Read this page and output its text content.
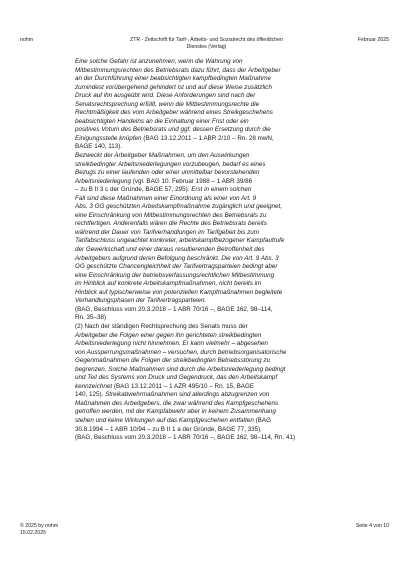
nohm	ZTR - Zeitschrift für Tarif-, Arbeits- und Sozialrecht des öffentlichen
Dienstes (Verlag)
Februar 2025
Eine solche Gefahr ist anzunehmen, wenn die Wahrung von
Mitbestimmungsrechten des Betriebsrats dazu führt, dass der Arbeitgeber
an der Durchführung einer beabsichtigten kampfbedingten Maßnahme
zumindest vorübergehend gehindert ist und auf diese Weise zusätzlich
Druck auf ihn ausgeübt wird. Diese Anforderungen sind nach der
Senatsrechtsprechung erfüllt, wenn die Mitbestimmungsrechte die
Rechtmäßigkeit des vom Arbeitgeber während eines Streikgeschehens
beabsichtigten Handelns an die Einhaltung einer Frist oder ein
positives Votum des Betriebsrats und ggf. dessen Ersetzung durch die
Einigungsstelle knüpfen (BAG 13.12.2011 – 1 ABR 2/10 – Rn. 28 mwN,
BAGE 140, 113).
Bezweckt der Arbeitgeber Maßnahmen, um den Auswirkungen
streikbedingter Arbeitsniederlegungen vorzubeugen, bedarf es eines
Bezugs zu einer laufenden oder einer unmittelbar bevorstehenden
Arbeitsniederlegung (vgl. BAG 10. Februar 1988 – 1 ABR 39/86
– zu B II 3 c der Gründe, BAGE 57, 295). Erst in einem solchen
Fall sind diese Maßnahmen einer Einordnung als einer von Art. 9
Abs. 3 GG geschützten Arbeitskampfmaßnahme zugänglich und geeignet,
eine Einschränkung von Mitbestimmungsrechten des Betriebsrats zu
rechtfertigen. Anderenfalls wären die Rechte des Betriebsrats bereits
während der Dauer von Tarifverhandlungen im Tarifgebiet bis zum
Tarifabschluss ungeachtet konkreter, arbeitskampfbezogener Kampfaufrufe
der Gewerkschaft und einer daraus resultierenden Betroffenheit des
Arbeitgebers aufgrund deren Befolgung beschränkt. Die von Art. 9 Abs. 3
GG geschützte Chancengleichheit der Tarifvertragsparteien bedingt aber
eine Einschränkung der betriebsverfassungsrechtlichen Mitbestimmung
im Hinblick auf konkrete Arbeitskampfmaßnahmen, nicht bereits im
Hinblick auf typischerweise von potenziellen Kampfmaßnahmen begleitete
Verhandlungsphasen der Tarifvertragsparteien.
(BAG, Beschluss vom 20.3.2018 – 1 ABR 70/16 –, BAGE 162, 98–114,
Rn. 35–38)
(2) Nach der ständigen Rechtsprechung des Senats muss der
Arbeitgeber die Folgen einer gegen ihn gerichteten streikbedingten
Arbeitsniederlegung nicht hinnehmen. Er kann vielmehr – abgesehen
von Aussperrungsmaßnahmen – versuchen, durch betriebsorganisatorische
Gegenmaßnahmen die Folgen der streikbedingten Betriebsstörung zu
begrenzen. Solche Maßnahmen sind durch die Arbeitsniederlegung bedingt
und Teil des Systems von Druck und Gegendruck, das den Arbeitskampf
kennzeichnet (BAG 13.12.2011 – 1 AZR 495/10 – Rn. 15, BAGE
140, 125). Streikabwehrmaßnahmen sind allerdings abzugrenzen von
Maßnahmen des Arbeitgebers, die zwar während des Kampfgeschehens
getroffen werden, mit der Kampfabwehr aber in keinem Zusammenhang
stehen und keine Wirkungen auf das Kampfgeschehen entfalten (BAG
30.8.1994 – 1 ABR 10/94 – zu B II 1 a der Gründe, BAGE 77, 335).
(BAG, Beschluss vom 20.3.2018 – 1 ABR 70/16 –, BAGE 162, 98–114, Rn. 41)
© 2025 by nohm
15.02.2025
Seite 4 von 10
